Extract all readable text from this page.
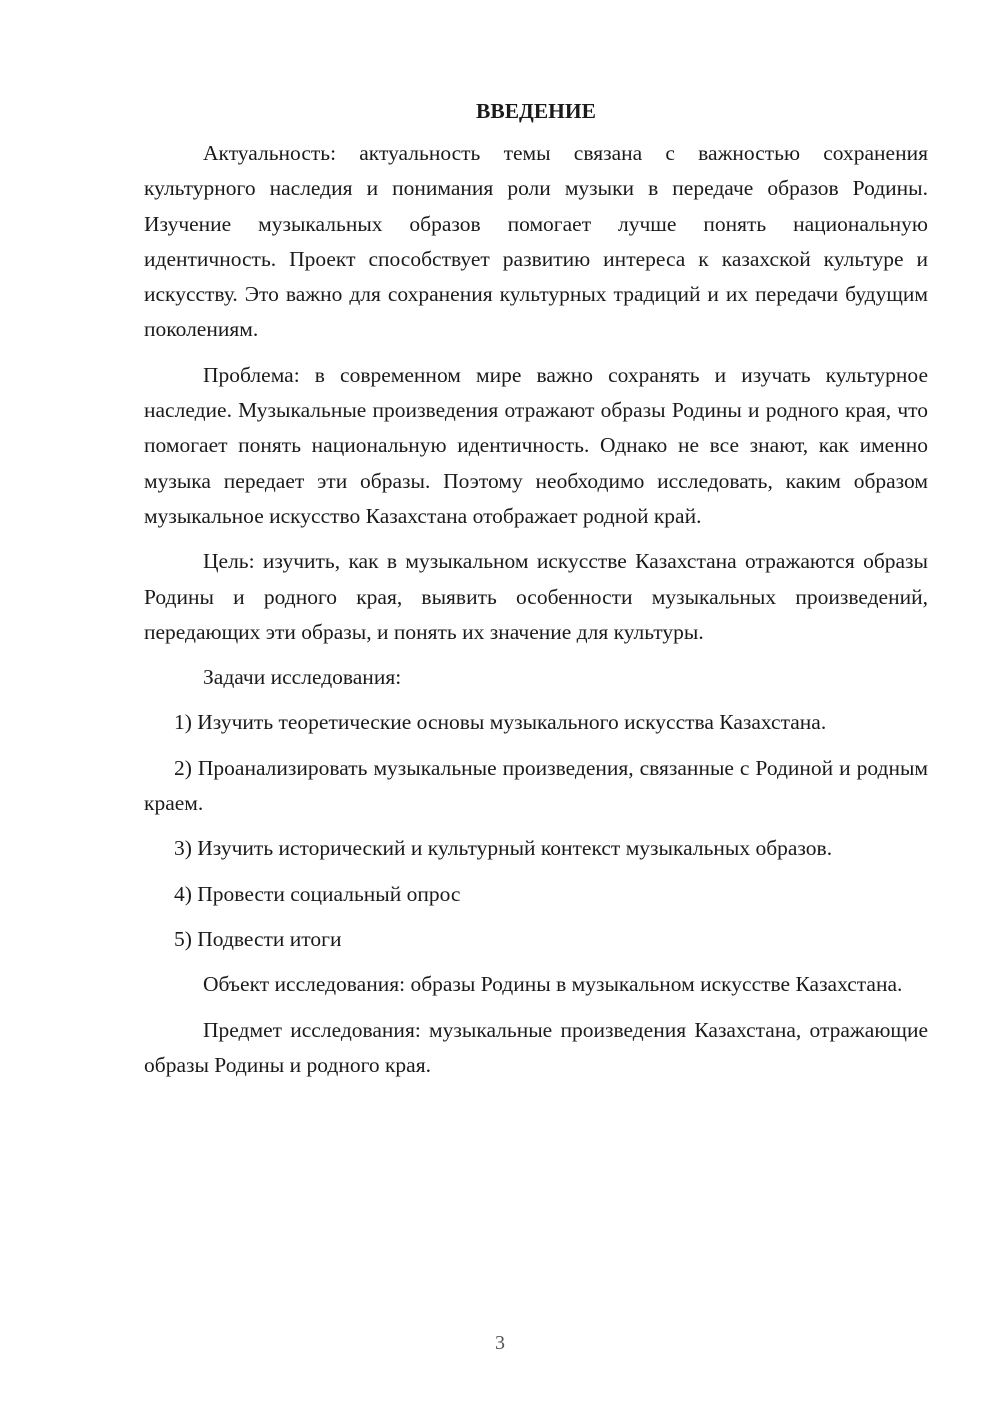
ВВЕДЕНИЕ

Актуальность: актуальность темы связана с важностью сохранения культурного наследия и понимания роли музыки в передаче образов Родины. Изучение музыкальных образов помогает лучше понять национальную идентичность. Проект способствует развитию интереса к казахской культуре и искусству. Это важно для сохранения культурных традиций и их передачи будущим поколениям.

Проблема: в современном мире важно сохранять и изучать культурное наследие. Музыкальные произведения отражают образы Родины и родного края, что помогает понять национальную идентичность. Однако не все знают, как именно музыка передает эти образы. Поэтому необходимо исследовать, каким образом музыкальное искусство Казахстана отображает родной край.

Цель: изучить, как в музыкальном искусстве Казахстана отражаются образы Родины и родного края, выявить особенности музыкальных произведений, передающих эти образы, и понять их значение для культуры.

Задачи исследования:

1) Изучить теоретические основы музыкального искусства Казахстана.

2) Проанализировать музыкальные произведения, связанные с Родиной и родным краем.

3) Изучить исторический и культурный контекст музыкальных образов.

4) Провести социальный опрос

5) Подвести итоги

Объект исследования: образы Родины в музыкальном искусстве Казахстана.

Предмет исследования: музыкальные произведения Казахстана, отражающие образы Родины и родного края.

3
